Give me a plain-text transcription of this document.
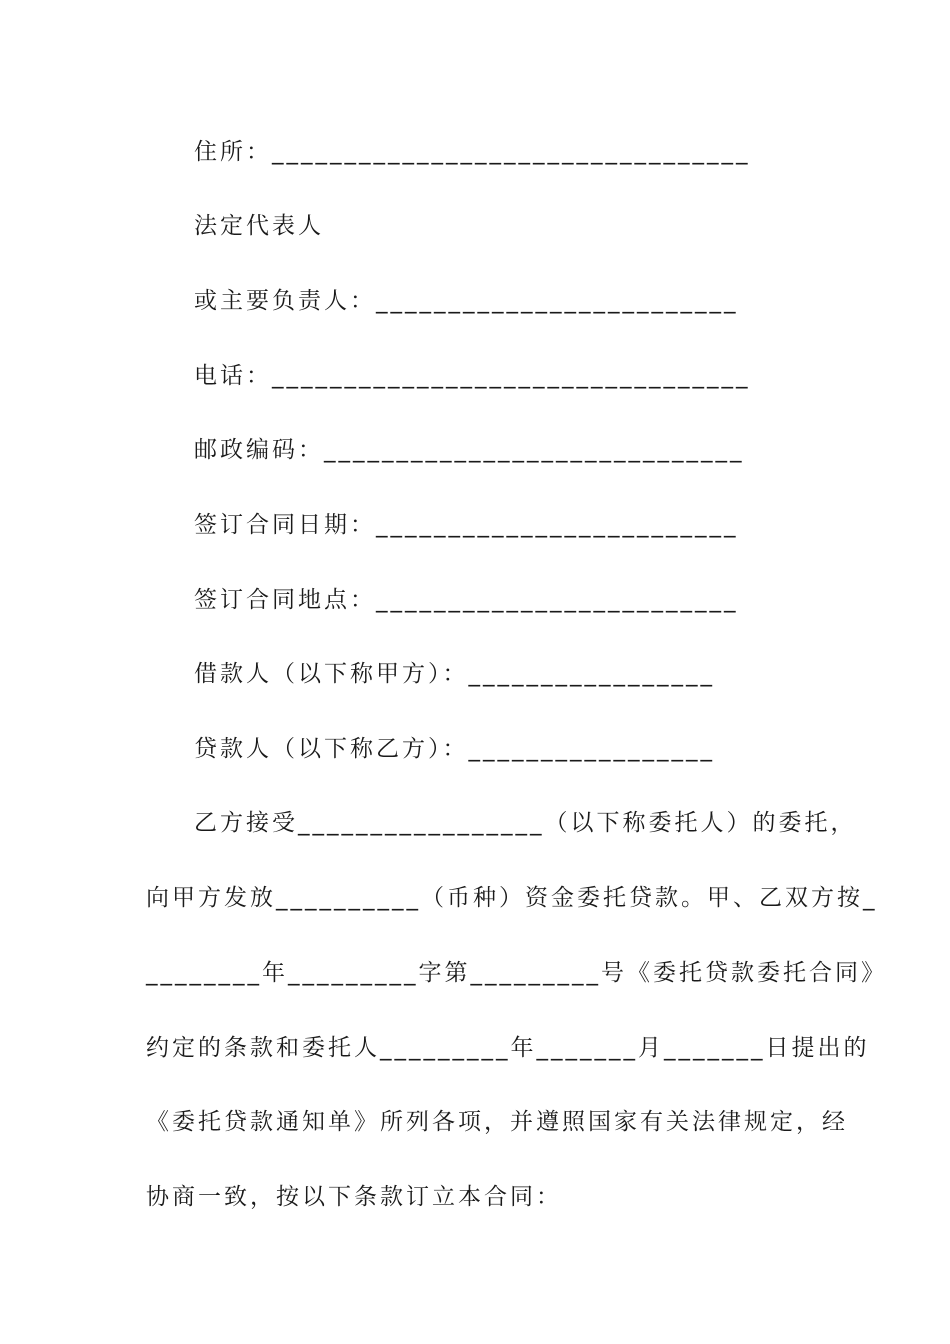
住所：_________________________________
法定代表人
或主要负责人：_________________________
电话：_________________________________
邮政编码：_____________________________
签订合同日期：_________________________
签订合同地点：_________________________
借款人（以下称甲方）：_________________
贷款人（以下称乙方）：_________________
乙方接受_________________（以下称委托人）的委托，
向甲方发放__________（币种）资金委托贷款。甲、乙双方按_
________年_________字第_________号《委托贷款委托合同》
约定的条款和委托人_________年_______月_______日提出的
《委托贷款通知单》所列各项，并遵照国家有关法律规定，经
协商一致，按以下条款订立本合同：
